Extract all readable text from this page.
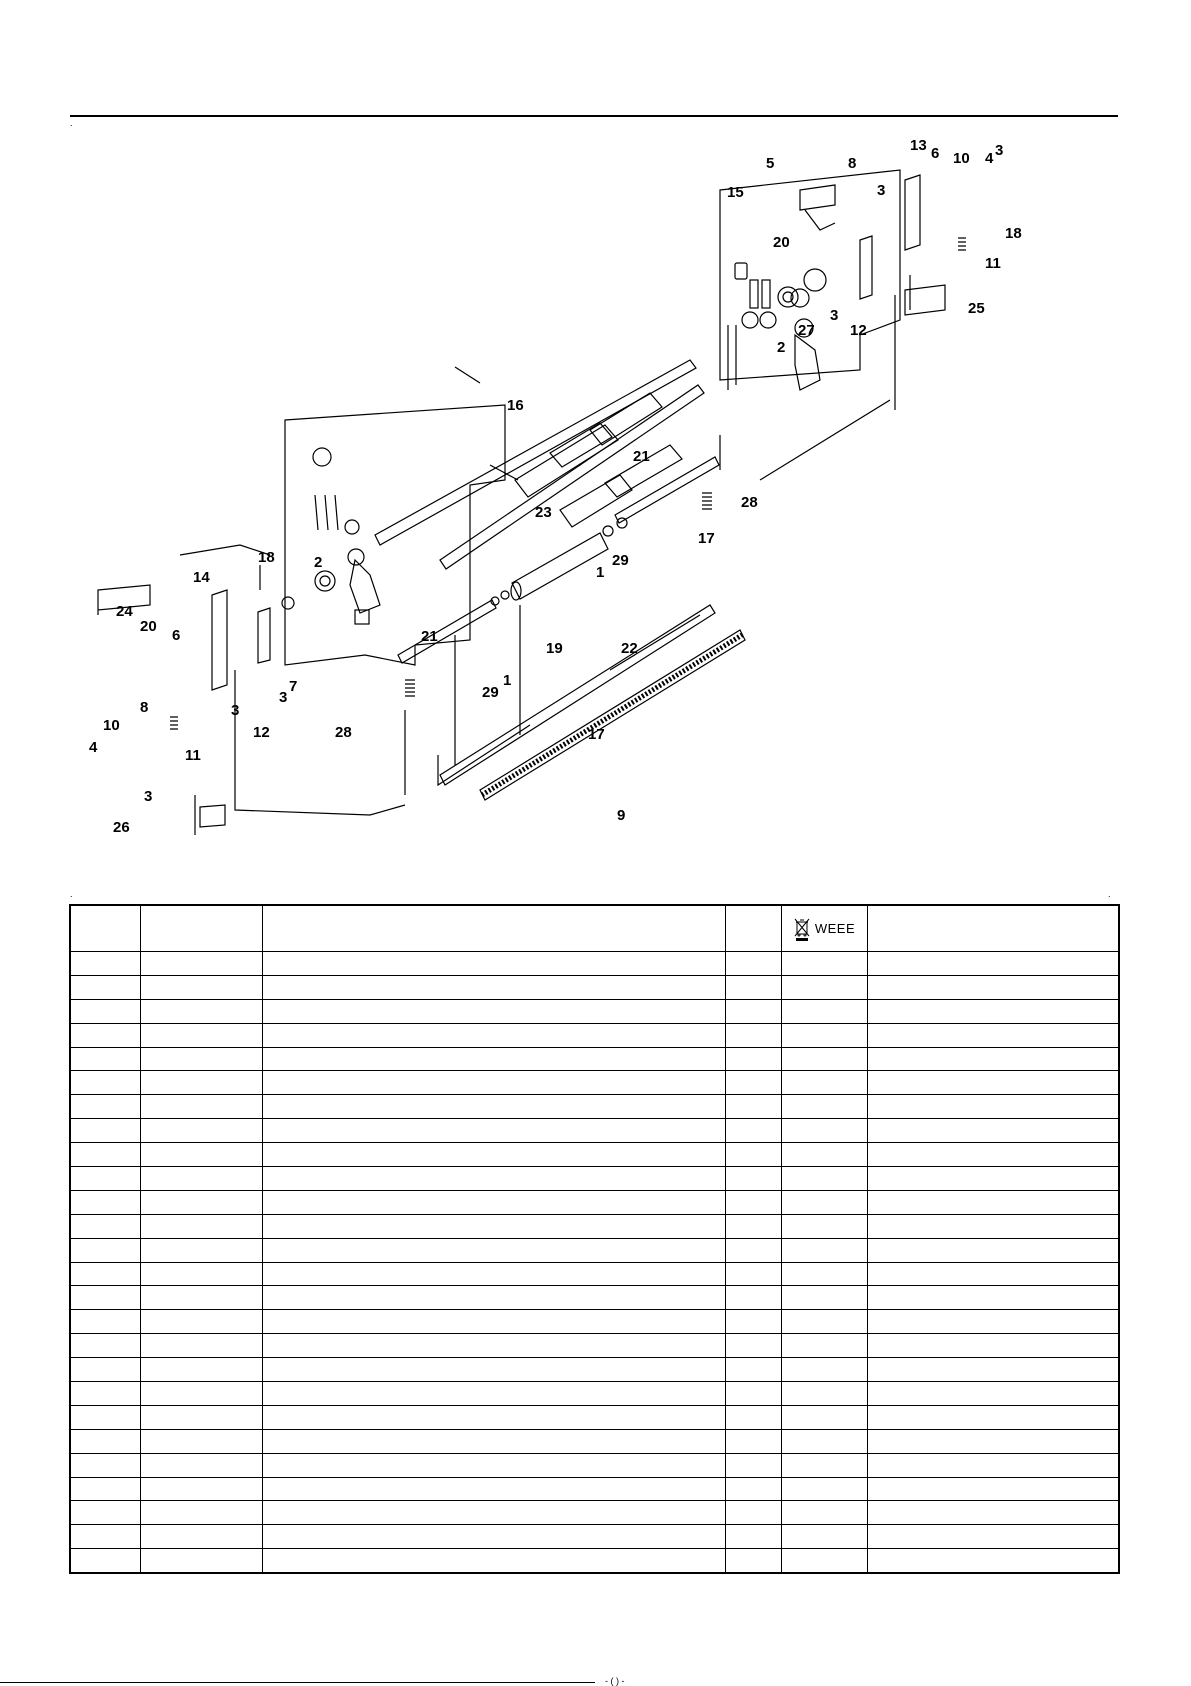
.
5	8
13 6 10 4 3
15	3
20
18
11
25
2
27
3
12
16
21
28
17
23
2
18
14
24
20
6
1
29
19	22
21
29
1
7
3
3
12
8
10
4	11
3
28	17
9
26
.	.

				WEEE	

- ( ) -
